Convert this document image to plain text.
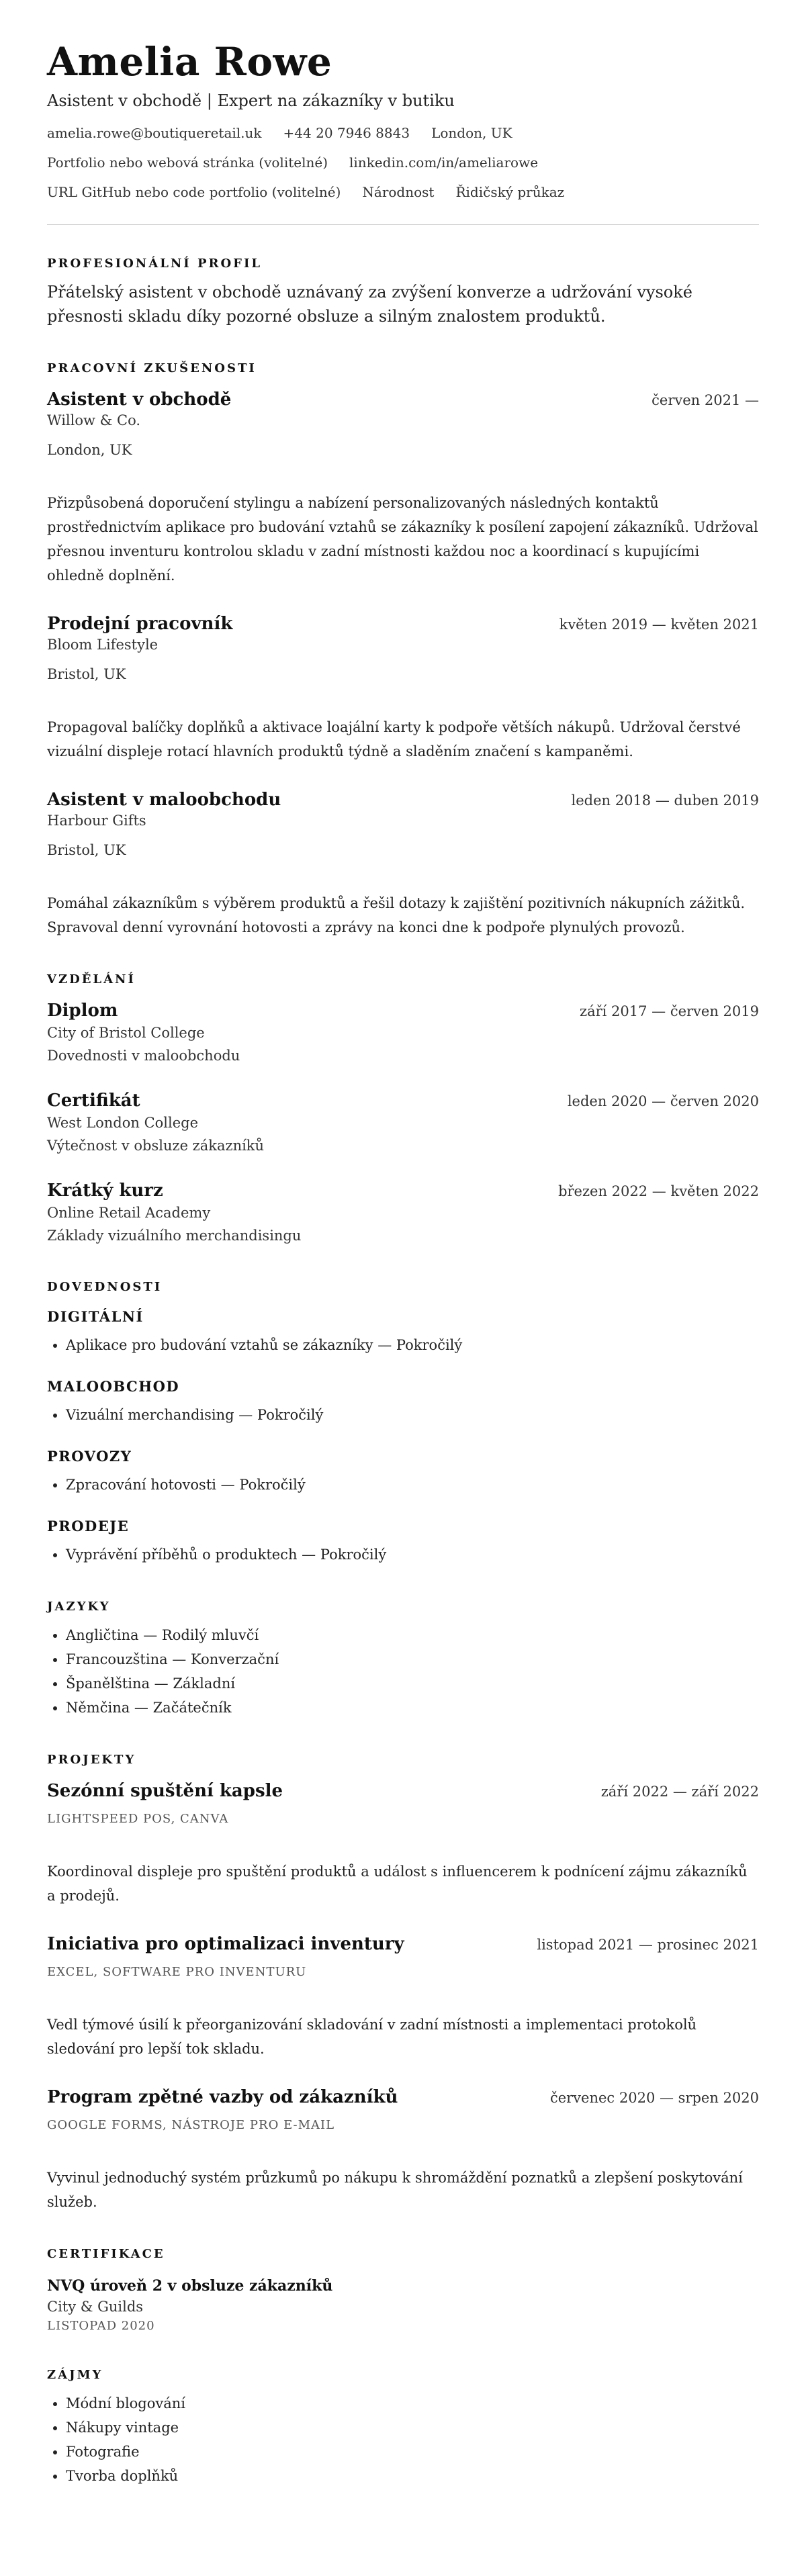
Amelia Rowe
Asistent v obchodě | Expert na zákazníky v butiku
amelia.rowe@boutiqueretail.uk +44 20 7946 8843 London, UK
Portfolio nebo webová stránka (volitelné) linkedin.com/in/ameliarowe
URL GitHub nebo code portfolio (volitelné) Národnost Řidičský průkaz
PROFESIONÁLNÍ PROFIL
Přátelský asistent v obchodě uznávaný za zvýšení konverze a udržování vysoké přesnosti skladu díky pozorné obsluze a silným znalostem produktů.
PRACOVNÍ ZKUŠENOSTI
Asistent v obchodě	červen 2021 —
Willow & Co.
London, UK
Přizpůsobená doporučení stylingu a nabízení personalizovaných následných kontaktů prostřednictvím aplikace pro budování vztahů se zákazníky k posílení zapojení zákazníků. Udržoval přesnou inventuru kontrolou skladu v zadní místnosti každou noc a koordinací s kupujícími ohledně doplnění.
Prodejní pracovník	květen 2019 — květen 2021
Bloom Lifestyle
Bristol, UK
Propagoval balíčky doplňků a aktivace loajální karty k podpoře větších nákupů. Udržoval čerstvé vizuální displeje rotací hlavních produktů týdně a sladěním značení s kampaněmi.
Asistent v maloobchodu	leden 2018 — duben 2019
Harbour Gifts
Bristol, UK
Pomáhal zákazníkům s výběrem produktů a řešil dotazy k zajištění pozitivních nákupních zážitků. Spravoval denní vyrovnání hotovosti a zprávy na konci dne k podpoře plynulých provozů.
VZDĚLÁNÍ
Diplom	září 2017 — červen 2019
City of Bristol College
Dovednosti v maloobchodu
Certifikát	leden 2020 — červen 2020
West London College
Výtečnost v obsluze zákazníků
Krátký kurz	březen 2022 — květen 2022
Online Retail Academy
Základy vizuálního merchandisingu
DOVEDNOSTI
DIGITÁLNÍ
• Aplikace pro budování vztahů se zákazníky — Pokročilý
MALOOBCHOD
• Vizuální merchandising — Pokročilý
PROVOZY
• Zpracování hotovosti — Pokročilý
PRODEJE
• Vyprávění příběhů o produktech — Pokročilý
JAZYKY
• Angličtina — Rodilý mluvčí
• Francouzština — Konverzační
• Španělština — Základní
• Němčina — Začátečník
PROJEKTY
Sezónní spuštění kapsle	září 2022 — září 2022
LIGHTSPEED POS, CANVA
Koordinoval displeje pro spuštění produktů a událost s influencerem k podnícení zájmu zákazníků a prodejů.
Iniciativa pro optimalizaci inventury	listopad 2021 — prosinec 2021
EXCEL, SOFTWARE PRO INVENTURU
Vedl týmové úsilí k přeorganizování skladování v zadní místnosti a implementaci protokolů sledování pro lepší tok skladu.
Program zpětné vazby od zákazníků	červenec 2020 — srpen 2020
GOOGLE FORMS, NÁSTROJE PRO E-MAIL
Vyvinul jednoduchý systém průzkumů po nákupu k shromáždění poznatků a zlepšení poskytování služeb.
CERTIFIKACE
NVQ úroveň 2 v obsluze zákazníků
City & Guilds
LISTOPAD 2020
ZÁJMY
• Módní blogování
• Nákupy vintage
• Fotografie
• Tvorba doplňků
